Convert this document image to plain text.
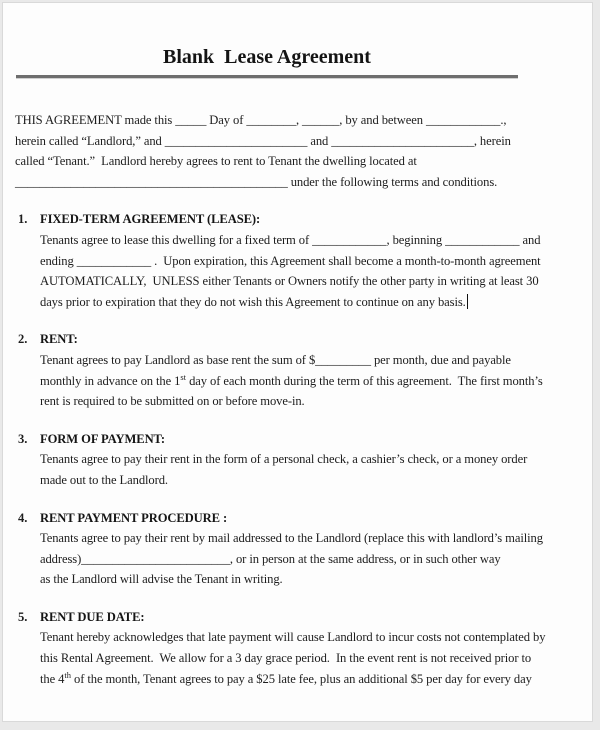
Blank  Lease Agreement
THIS AGREEMENT made this _____ Day of ________, ______, by and between ____________.,
herein called “Landlord,” and _______________________ and _______________________, herein
called “Tenant.”  Landlord hereby agrees to rent to Tenant the dwelling located at
____________________________________________ under the following terms and conditions.
1.	FIXED-TERM AGREEMENT (LEASE):
Tenants agree to lease this dwelling for a fixed term of ____________, beginning ____________ and
ending ____________ .  Upon expiration, this Agreement shall become a month-to-month agreement
AUTOMATICALLY,  UNLESS either Tenants or Owners notify the other party in writing at least 30
days prior to expiration that they do not wish this Agreement to continue on any basis.
2.	RENT:
Tenant agrees to pay Landlord as base rent the sum of $_________ per month, due and payable
monthly in advance on the 1st day of each month during the term of this agreement.  The first month’s
rent is required to be submitted on or before move-in.
3.	FORM OF PAYMENT:
Tenants agree to pay their rent in the form of a personal check, a cashier’s check, or a money order
made out to the Landlord.
4.	RENT PAYMENT PROCEDURE :
Tenants agree to pay their rent by mail addressed to the Landlord (replace this with landlord’s mailing
address)________________________, or in person at the same address, or in such other way
as the Landlord will advise the Tenant in writing.
5.	RENT DUE DATE:
Tenant hereby acknowledges that late payment will cause Landlord to incur costs not contemplated by
this Rental Agreement.  We allow for a 3 day grace period.  In the event rent is not received prior to
the 4th of the month, Tenant agrees to pay a $25 late fee, plus an additional $5 per day for every day
